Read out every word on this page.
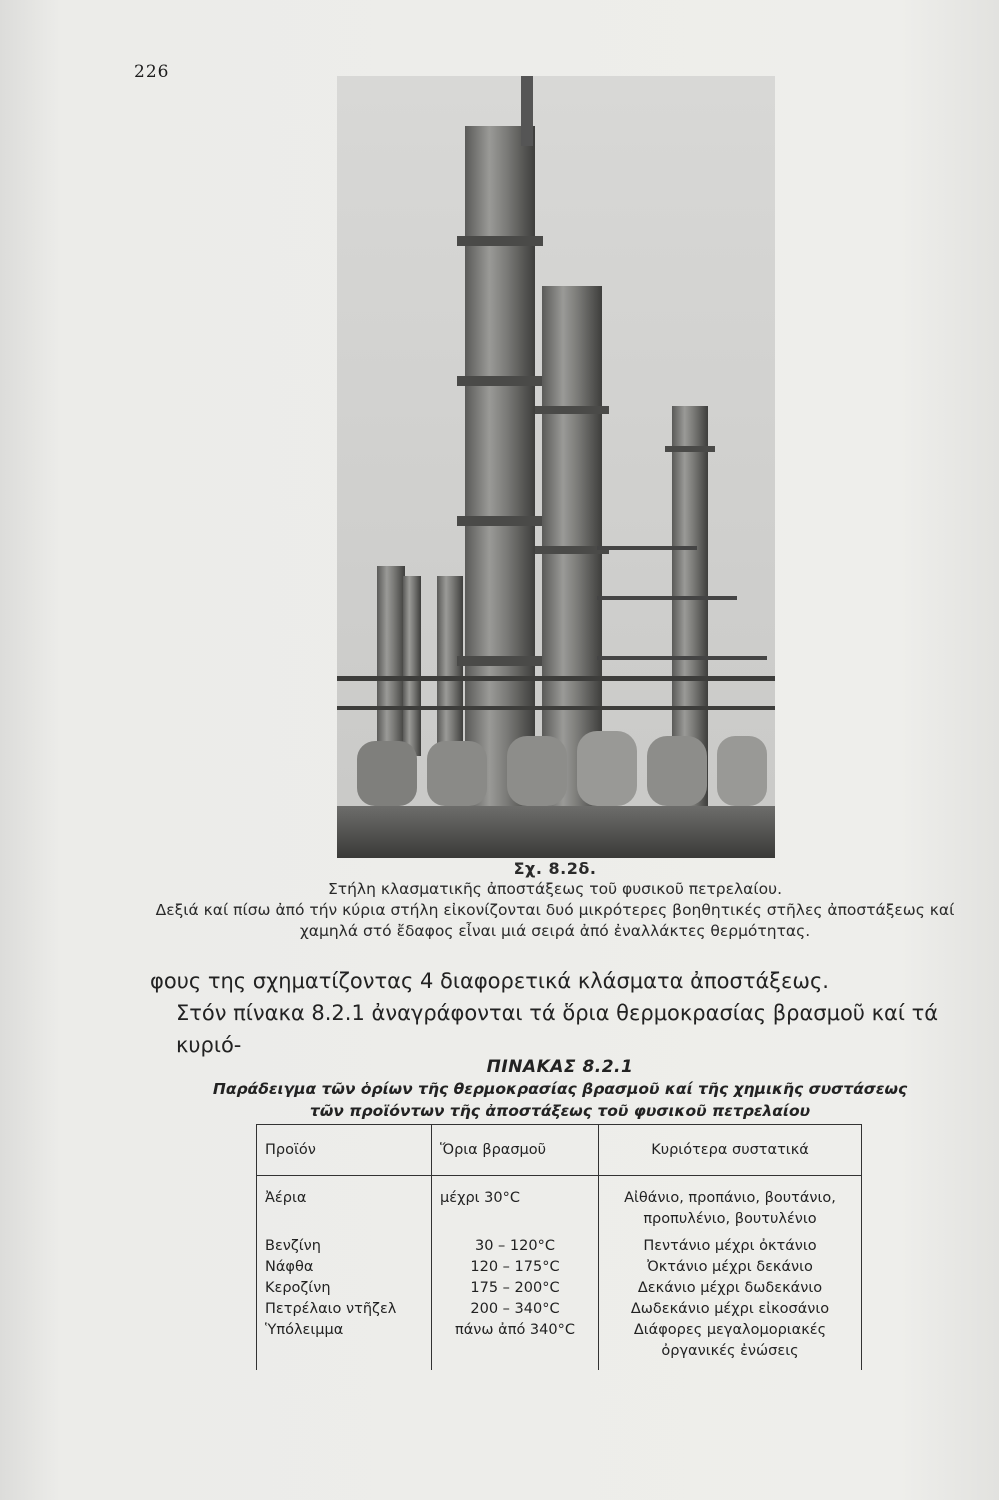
226
Σχ. 8.2δ.
Στήλη κλασματικῆς ἀποστάξεως τοῦ φυσικοῦ πετρελαίου.
Δεξιά καί πίσω ἀπό τήν κύρια στήλη εἰκονίζονται δυό μικρότερες βοηθητικές στῆλες ἀποστάξεως καί
χαμηλά στό ἔδαφος εἶναι μιά σειρά ἀπό ἐναλλάκτες θερμότητας.
φους της σχηματίζοντας 4 διαφορετικά κλάσματα ἀποστάξεως.
Στόν πίνακα 8.2.1 ἀναγράφονται τά ὅρια θερμοκρασίας βρασμοῦ καί τά κυριό-
ΠΙΝΑΚΑΣ 8.2.1
Παράδειγμα τῶν ὁρίων τῆς θερμοκρασίας βρασμοῦ καί τῆς χημικῆς συστάσεως
τῶν προϊόντων τῆς ἀποστάξεως τοῦ φυσικοῦ πετρελαίου
Προϊόν	Ὅρια βρασμοῦ	Κυριότερα συστατικά
Ἀέρια	μέχρι 30°C	Αἰθάνιο, προπάνιο, βουτάνιο, προπυλένιο, βουτυλένιο
Βενζίνη	30 – 120°C	Πεντάνιο μέχρι ὀκτάνιο
Νάφθα	120 – 175°C	Ὀκτάνιο μέχρι δεκάνιο
Κεροζίνη	175 – 200°C	Δεκάνιο μέχρι δωδεκάνιο
Πετρέλαιο ντῆζελ	200 – 340°C	Δωδεκάνιο μέχρι εἰκοσάνιο
Ὑπόλειμμα	πάνω ἀπό 340°C	Διάφορες μεγαλομοριακές ὀργανικές ἐνώσεις
